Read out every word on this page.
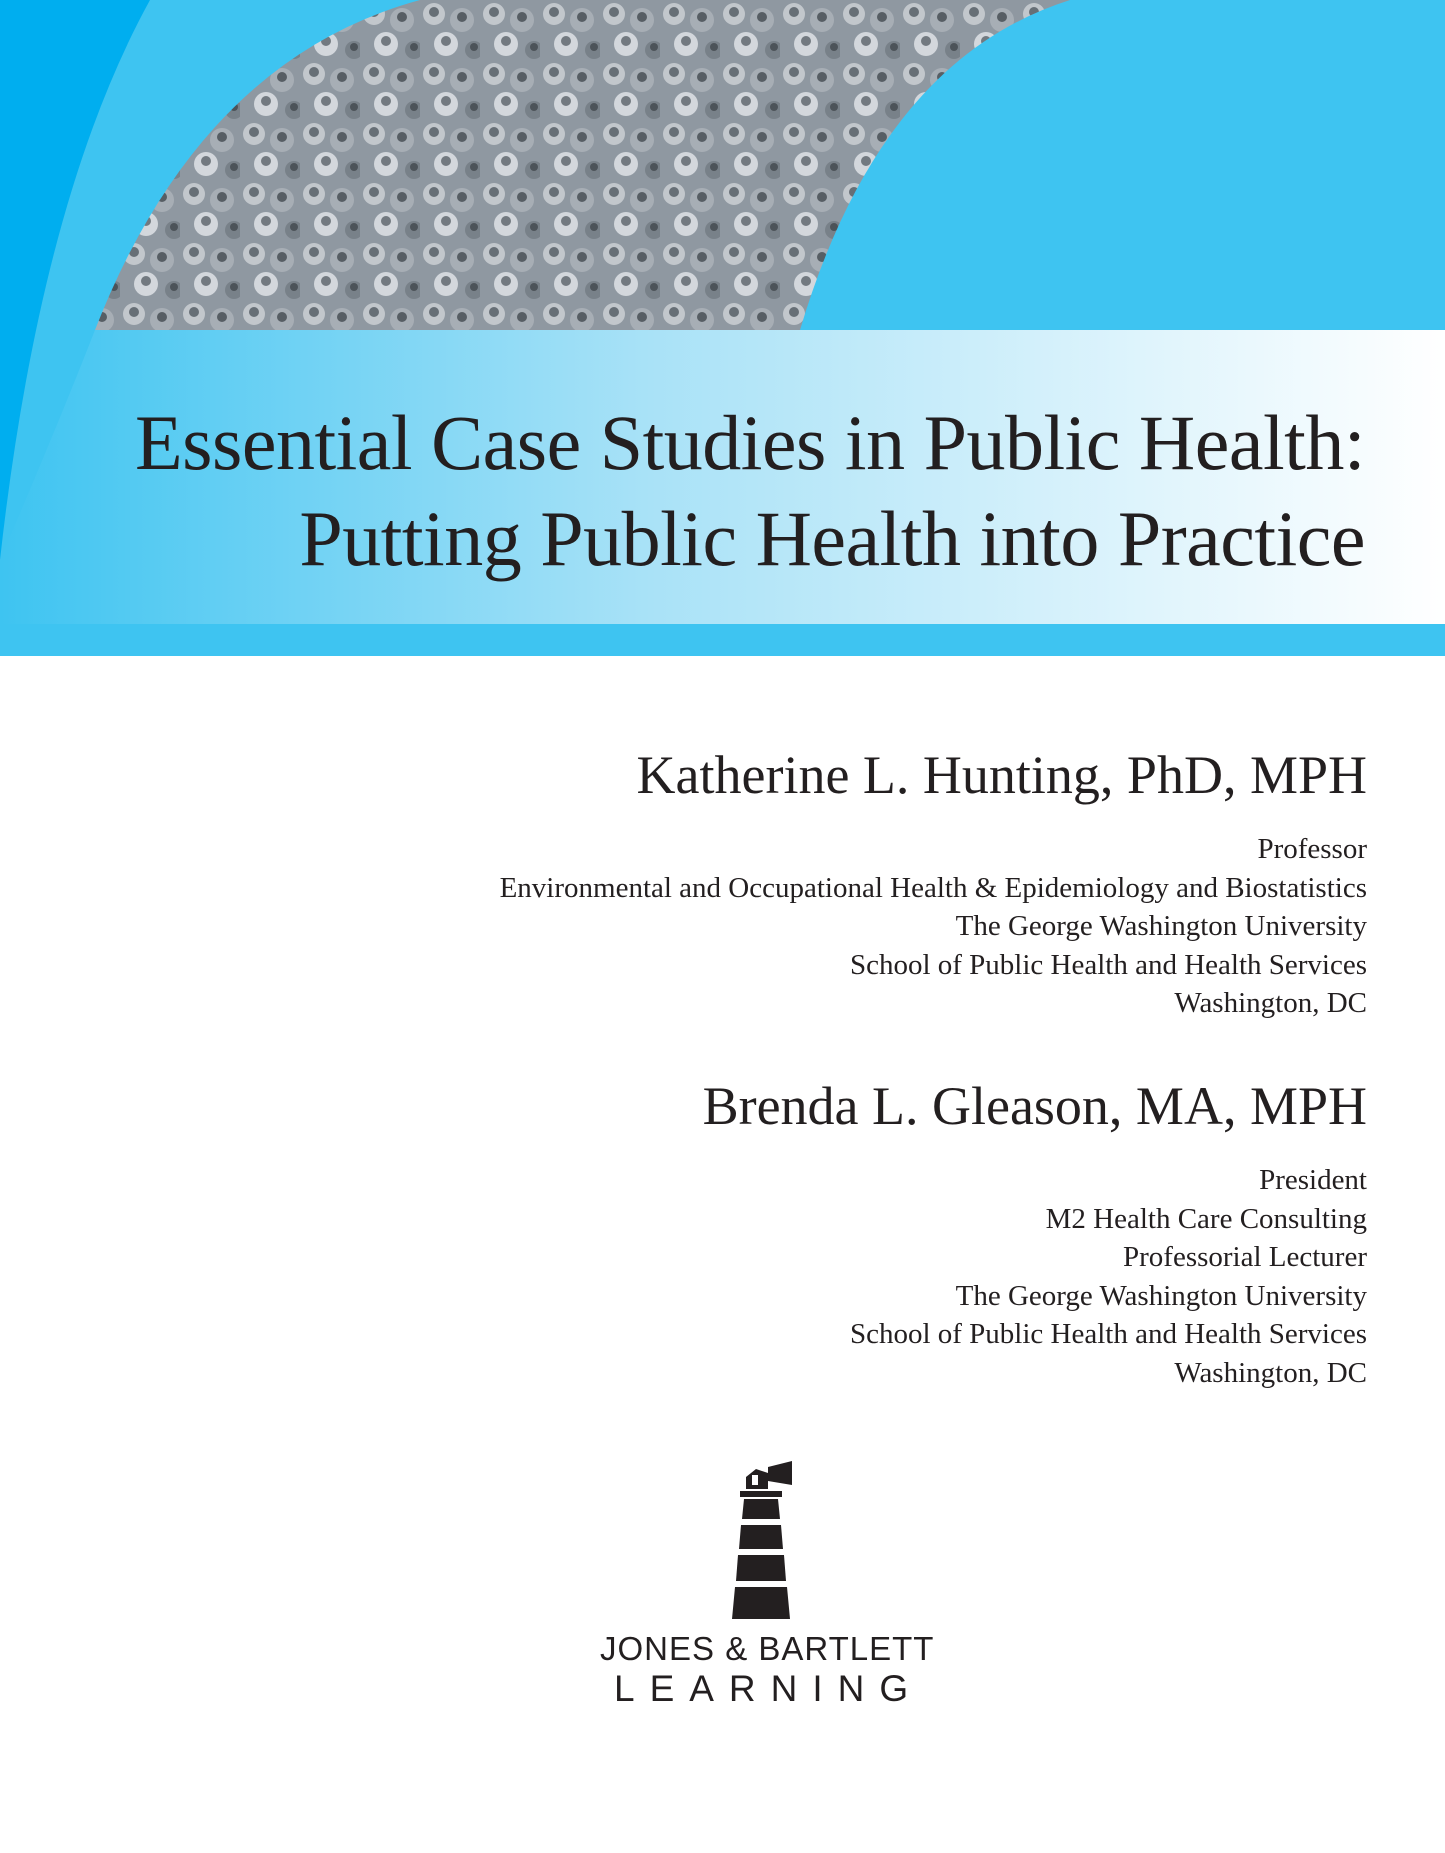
Essential Case Studies in Public Health:
Putting Public Health into Practice
Katherine L. Hunting, PhD, MPH
Professor
Environmental and Occupational Health & Epidemiology and Biostatistics
The George Washington University
School of Public Health and Health Services
Washington, DC
Brenda L. Gleason, MA, MPH
President
M2 Health Care Consulting
Professorial Lecturer
The George Washington University
School of Public Health and Health Services
Washington, DC
JONES & BARTLETT
LEARNING
